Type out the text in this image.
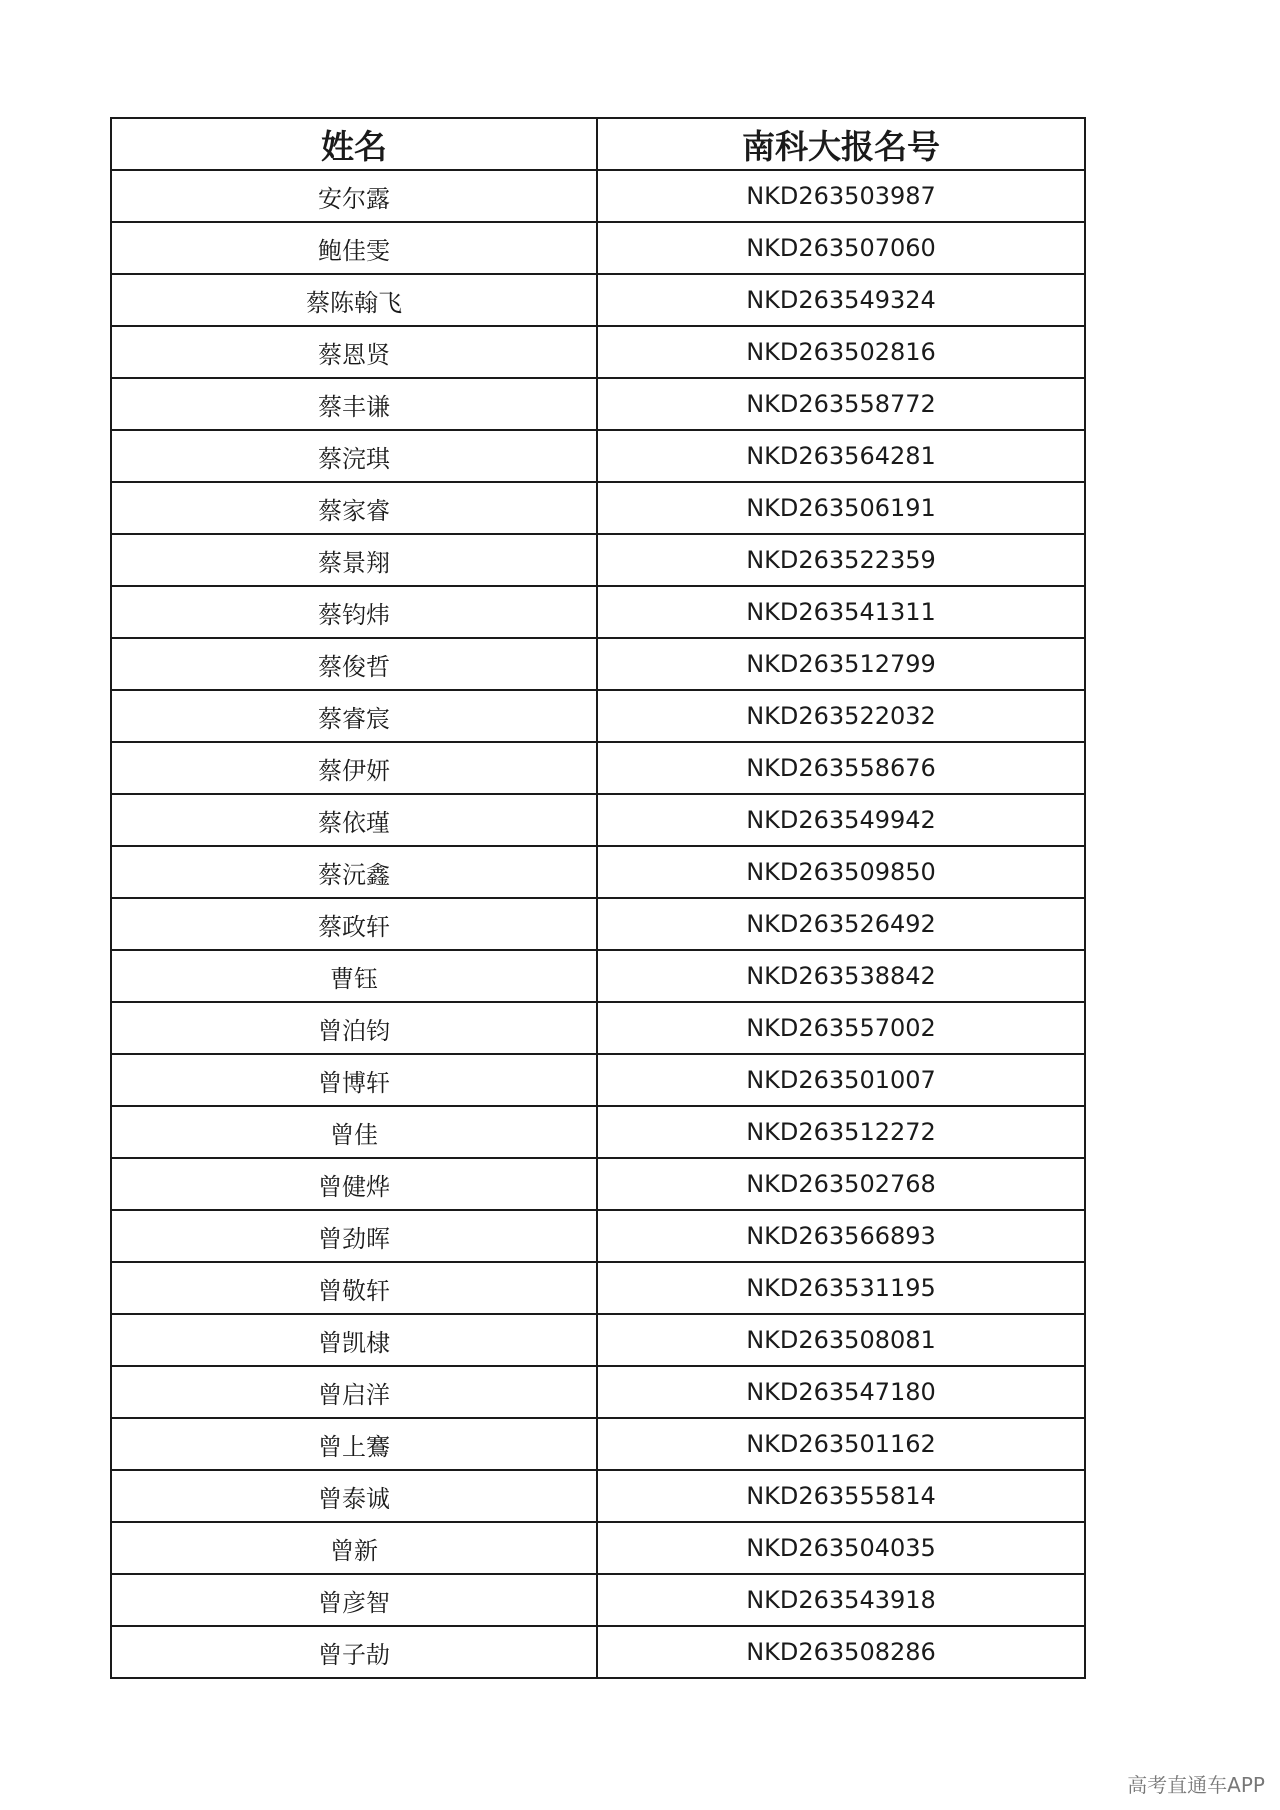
姓名	南科大报名号
安尔露	NKD263503987
鲍佳雯	NKD263507060
蔡陈翰飞	NKD263549324
蔡恩贤	NKD263502816
蔡丰谦	NKD263558772
蔡浣琪	NKD263564281
蔡家睿	NKD263506191
蔡景翔	NKD263522359
蔡钧炜	NKD263541311
蔡俊哲	NKD263512799
蔡睿宸	NKD263522032
蔡伊妍	NKD263558676
蔡依瑾	NKD263549942
蔡沅鑫	NKD263509850
蔡政轩	NKD263526492
曹钰	NKD263538842
曾泊钧	NKD263557002
曾博轩	NKD263501007
曾佳	NKD263512272
曾健烨	NKD263502768
曾劲晖	NKD263566893
曾敬轩	NKD263531195
曾凯棣	NKD263508081
曾启洋	NKD263547180
曾上鶱	NKD263501162
曾泰诚	NKD263555814
曾新	NKD263504035
曾彦智	NKD263543918
曾子劼	NKD263508286
高考直通车APP
